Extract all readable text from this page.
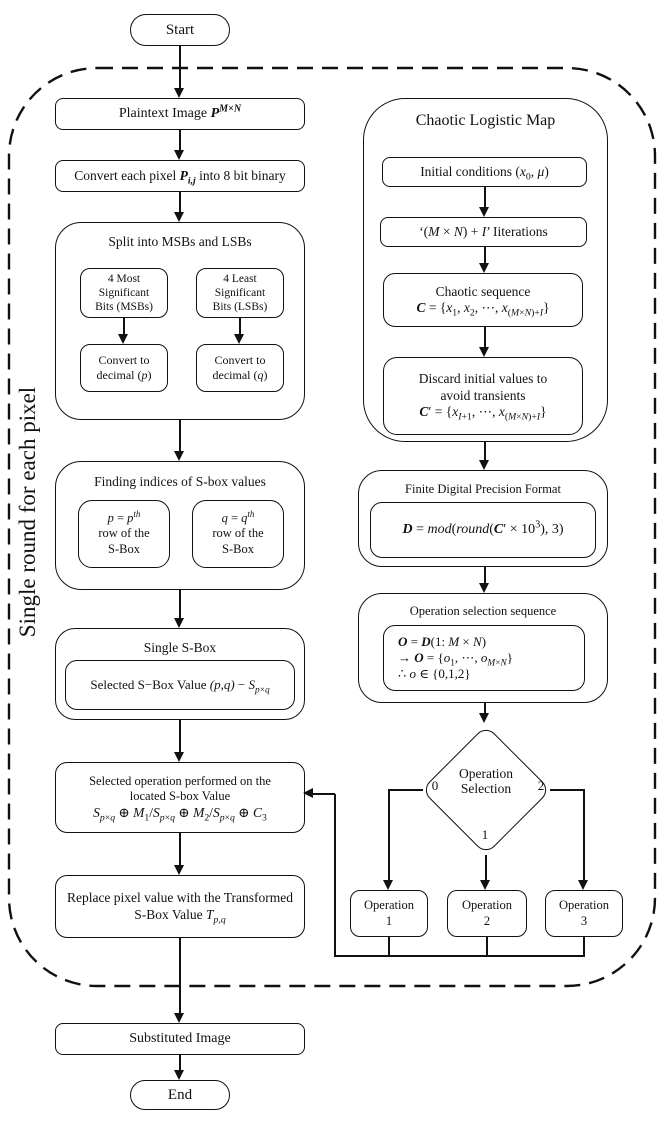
Single round for each pixel
Start
Plaintext Image $P^{M\times N}$
Convert each pixel $P_{i,j}$ into 8 bit binary
Split into MSBs and LSBs
4 Most
Significant
Bits (MSBs)
4 Least
Significant
Bits (LSBs)
Convert to
decimal (p)
Convert to
decimal (q)
Finding indices of S-box values
$p = p^{th}$
row of the
S-Box
$q = q^{th}$
row of the
S-Box
Single S-Box
Selected S−Box Value $(p,q) - S_{p\times q}$
Selected operation performed on the
located S-box Value
$S_{p\times q}$ ⊕ $M_1/S_{p\times q}$ ⊕ $M_2/S_{p\times q}$ ⊕ $C_3$
Replace pixel value with the Transformed
S-Box Value $T_{p,q}$
Substituted Image
End
Chaotic Logistic Map
Initial conditions ($x_0$, μ)
‘(M × N) + I’ Iiterations
Chaotic sequence
$C = \{x_1$, $x_2$, ⋯, $x_{(M\times N)+I}$}
Discard initial values to
avoid transients
$C' = \{x_{I+1}$, ⋯, $x_{(M\times N)+I}$}
Finite Digital Precision Format
D = mod(round(C′ × $10^3$), 3)
Operation selection sequence
O = D(1: M × N)
→ $O = \{o_1$, ⋯, $o_{M\times N}$}
∴ o ∈ {0,1,2}
Operation
Selection
0	2
1
Operation
1
Operation
2
Operation
3
